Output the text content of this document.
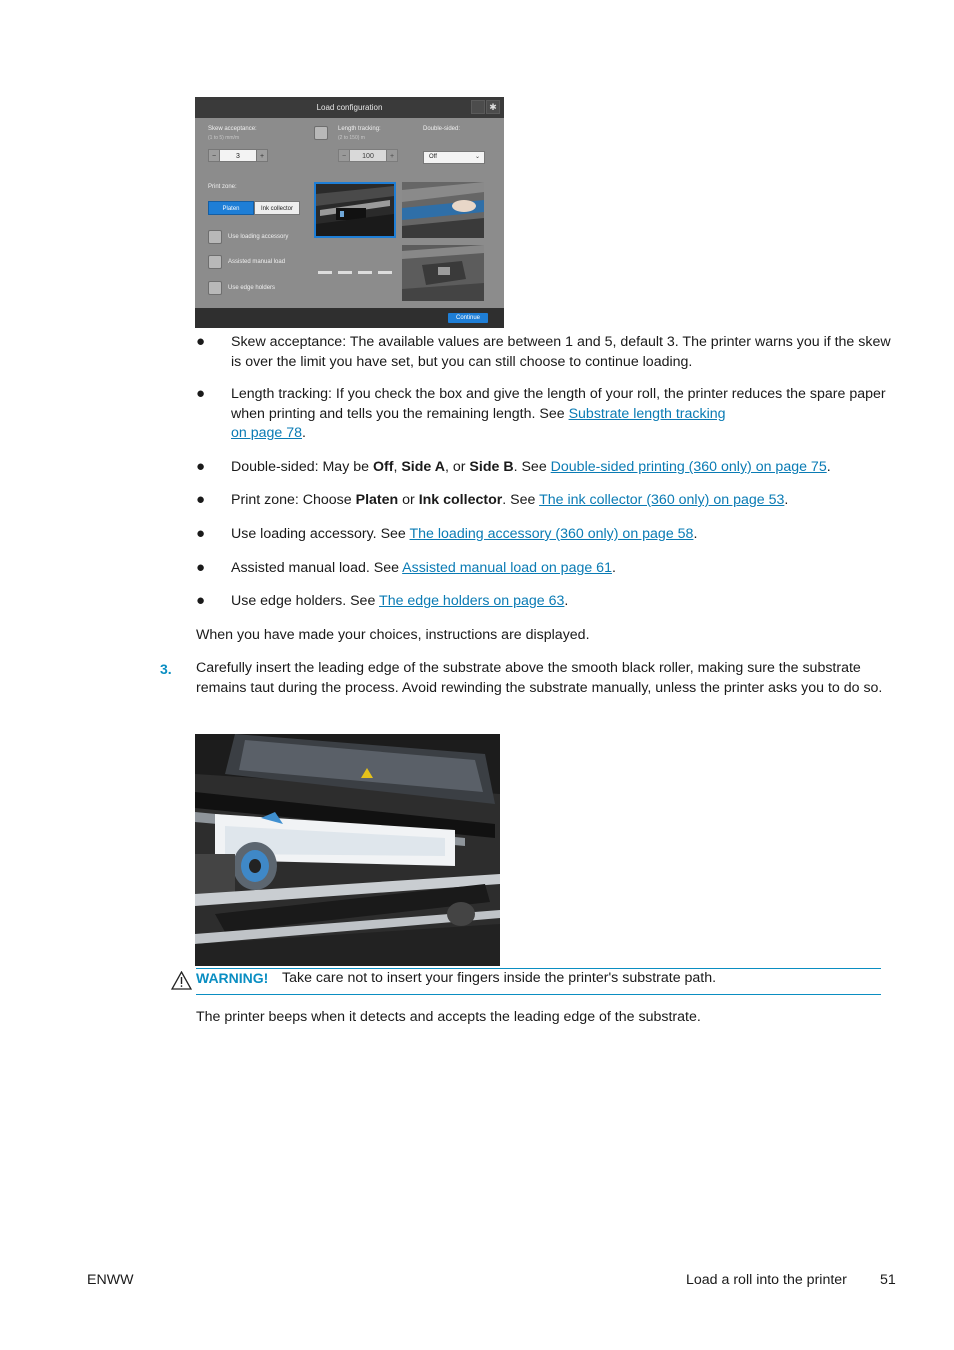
Load configuration	✱
Skew acceptance:
(1 to 5) mm/m
−	3	+
Length tracking:
(2 to 150) m
−	100	+
Double-sided:
Off	⌄
Print zone:
Platen	Ink collector
Use loading accessory
Assisted manual load
Use edge holders
Continue
● Skew acceptance: The available values are between 1 and 5, default 3. The printer warns you if the skew is over the limit you have set, but you can still choose to continue loading.
● Length tracking: If you check the box and give the length of your roll, the printer reduces the spare paper when printing and tells you the remaining length. See Substrate length tracking
on page 78.
● Double-sided: May be Off, Side A, or Side B. See Double-sided printing (360 only) on page 75.
● Print zone: Choose Platen or Ink collector. See The ink collector (360 only) on page 53.
● Use loading accessory. See The loading accessory (360 only) on page 58.
● Assisted manual load. See Assisted manual load on page 61.
● Use edge holders. See The edge holders on page 63.
When you have made your choices, instructions are displayed.
3. Carefully insert the leading edge of the substrate above the smooth black roller, making sure the substrate remains taut during the process. Avoid rewinding the substrate manually, unless the printer asks you to do so.
WARNING! Take care not to insert your fingers inside the printer's substrate path.
The printer beeps when it detects and accepts the leading edge of the substrate.
ENWW	Load a roll into the printer 51
